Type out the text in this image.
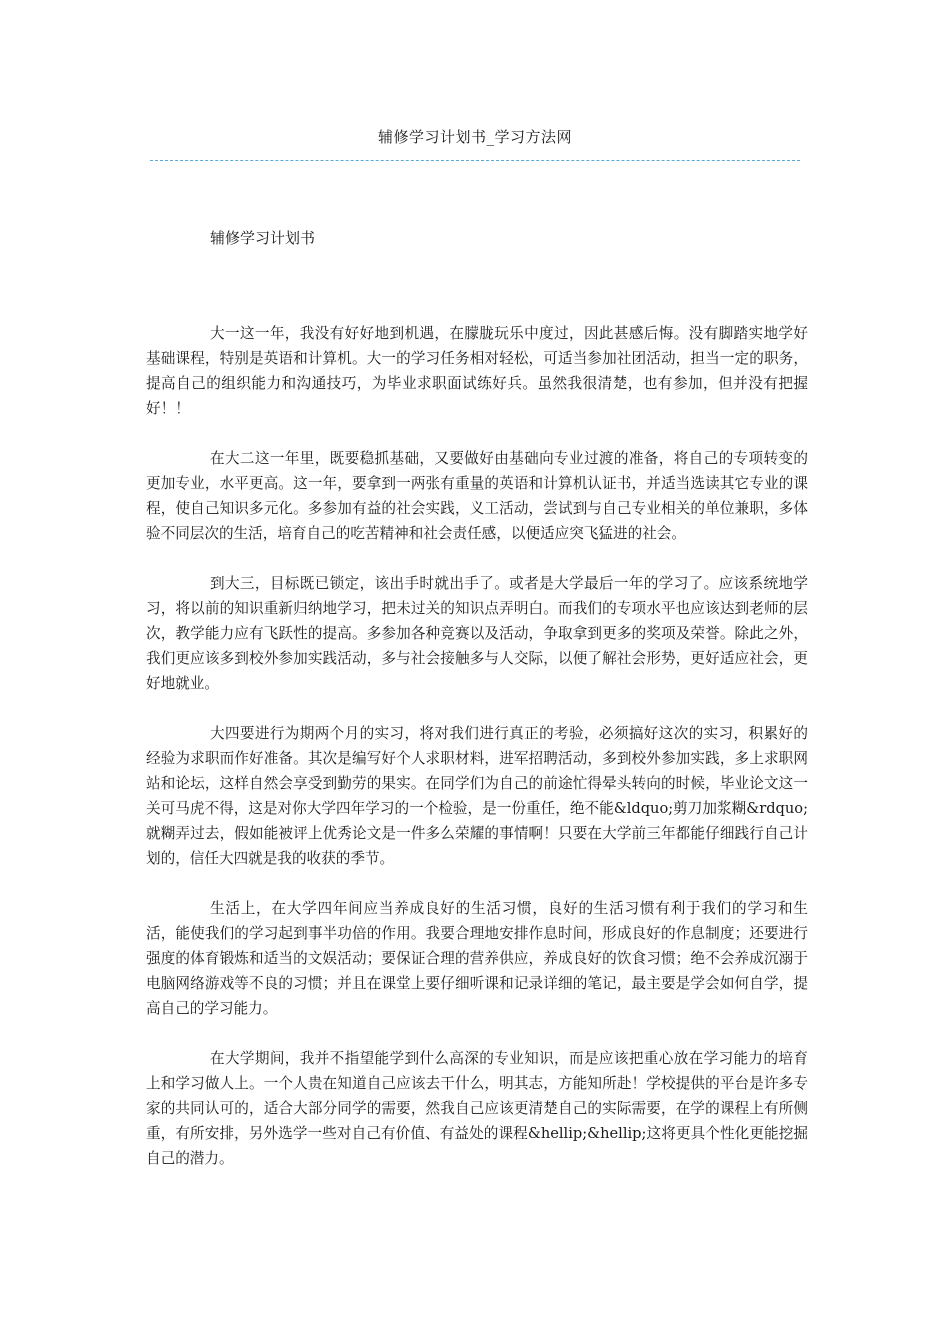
辅修学习计划书_学习方法网
辅修学习计划书

大一这一年，我没有好好地到机遇，在朦胧玩乐中度过，因此甚感后悔。没有脚踏实地学好基础课程，特别是英语和计算机。大一的学习任务相对轻松，可适当参加社团活动，担当一定的职务，提高自己的组织能力和沟通技巧，为毕业求职面试练好兵。虽然我很清楚，也有参加，但并没有把握好！！

在大二这一年里，既要稳抓基础，又要做好由基础向专业过渡的准备，将自己的专项转变的更加专业，水平更高。这一年，要拿到一两张有重量的英语和计算机认证书，并适当选读其它专业的课程，使自己知识多元化。多参加有益的社会实践，义工活动，尝试到与自己专业相关的单位兼职，多体验不同层次的生活，培育自己的吃苦精神和社会责任感，以便适应突飞猛进的社会。

到大三，目标既已锁定，该出手时就出手了。或者是大学最后一年的学习了。应该系统地学习，将以前的知识重新归纳地学习，把未过关的知识点弄明白。而我们的专项水平也应该达到老师的层次，教学能力应有飞跃性的提高。多参加各种竞赛以及活动，争取拿到更多的奖项及荣誉。除此之外，我们更应该多到校外参加实践活动，多与社会接触多与人交际，以便了解社会形势，更好适应社会，更好地就业。

大四要进行为期两个月的实习，将对我们进行真正的考验，必须搞好这次的实习，积累好的经验为求职而作好准备。其次是编写好个人求职材料，进军招聘活动，多到校外参加实践，多上求职网站和论坛，这样自然会享受到勤劳的果实。在同学们为自己的前途忙得晕头转向的时候，毕业论文这一关可马虎不得，这是对你大学四年学习的一个检验，是一份重任，绝不能&ldquo;剪刀加浆糊&rdquo;就糊弄过去，假如能被评上优秀论文是一件多么荣耀的事情啊！只要在大学前三年都能仔细践行自己计划的，信任大四就是我的收获的季节。

生活上，在大学四年间应当养成良好的生活习惯，良好的生活习惯有利于我们的学习和生活，能使我们的学习起到事半功倍的作用。我要合理地安排作息时间，形成良好的作息制度；还要进行强度的体育锻炼和适当的文娱活动；要保证合理的营养供应，养成良好的饮食习惯；绝不会养成沉溺于电脑网络游戏等不良的习惯；并且在课堂上要仔细听课和记录详细的笔记，最主要是学会如何自学，提高自己的学习能力。

在大学期间，我并不指望能学到什么高深的专业知识，而是应该把重心放在学习能力的培育上和学习做人上。一个人贵在知道自己应该去干什么，明其志，方能知所赴！学校提供的平台是许多专家的共同认可的，适合大部分同学的需要，然我自己应该更清楚自己的实际需要，在学的课程上有所侧重，有所安排，另外选学一些对自己有价值、有益处的课程&hellip;&hellip;这将更具个性化更能挖掘自己的潜力。
